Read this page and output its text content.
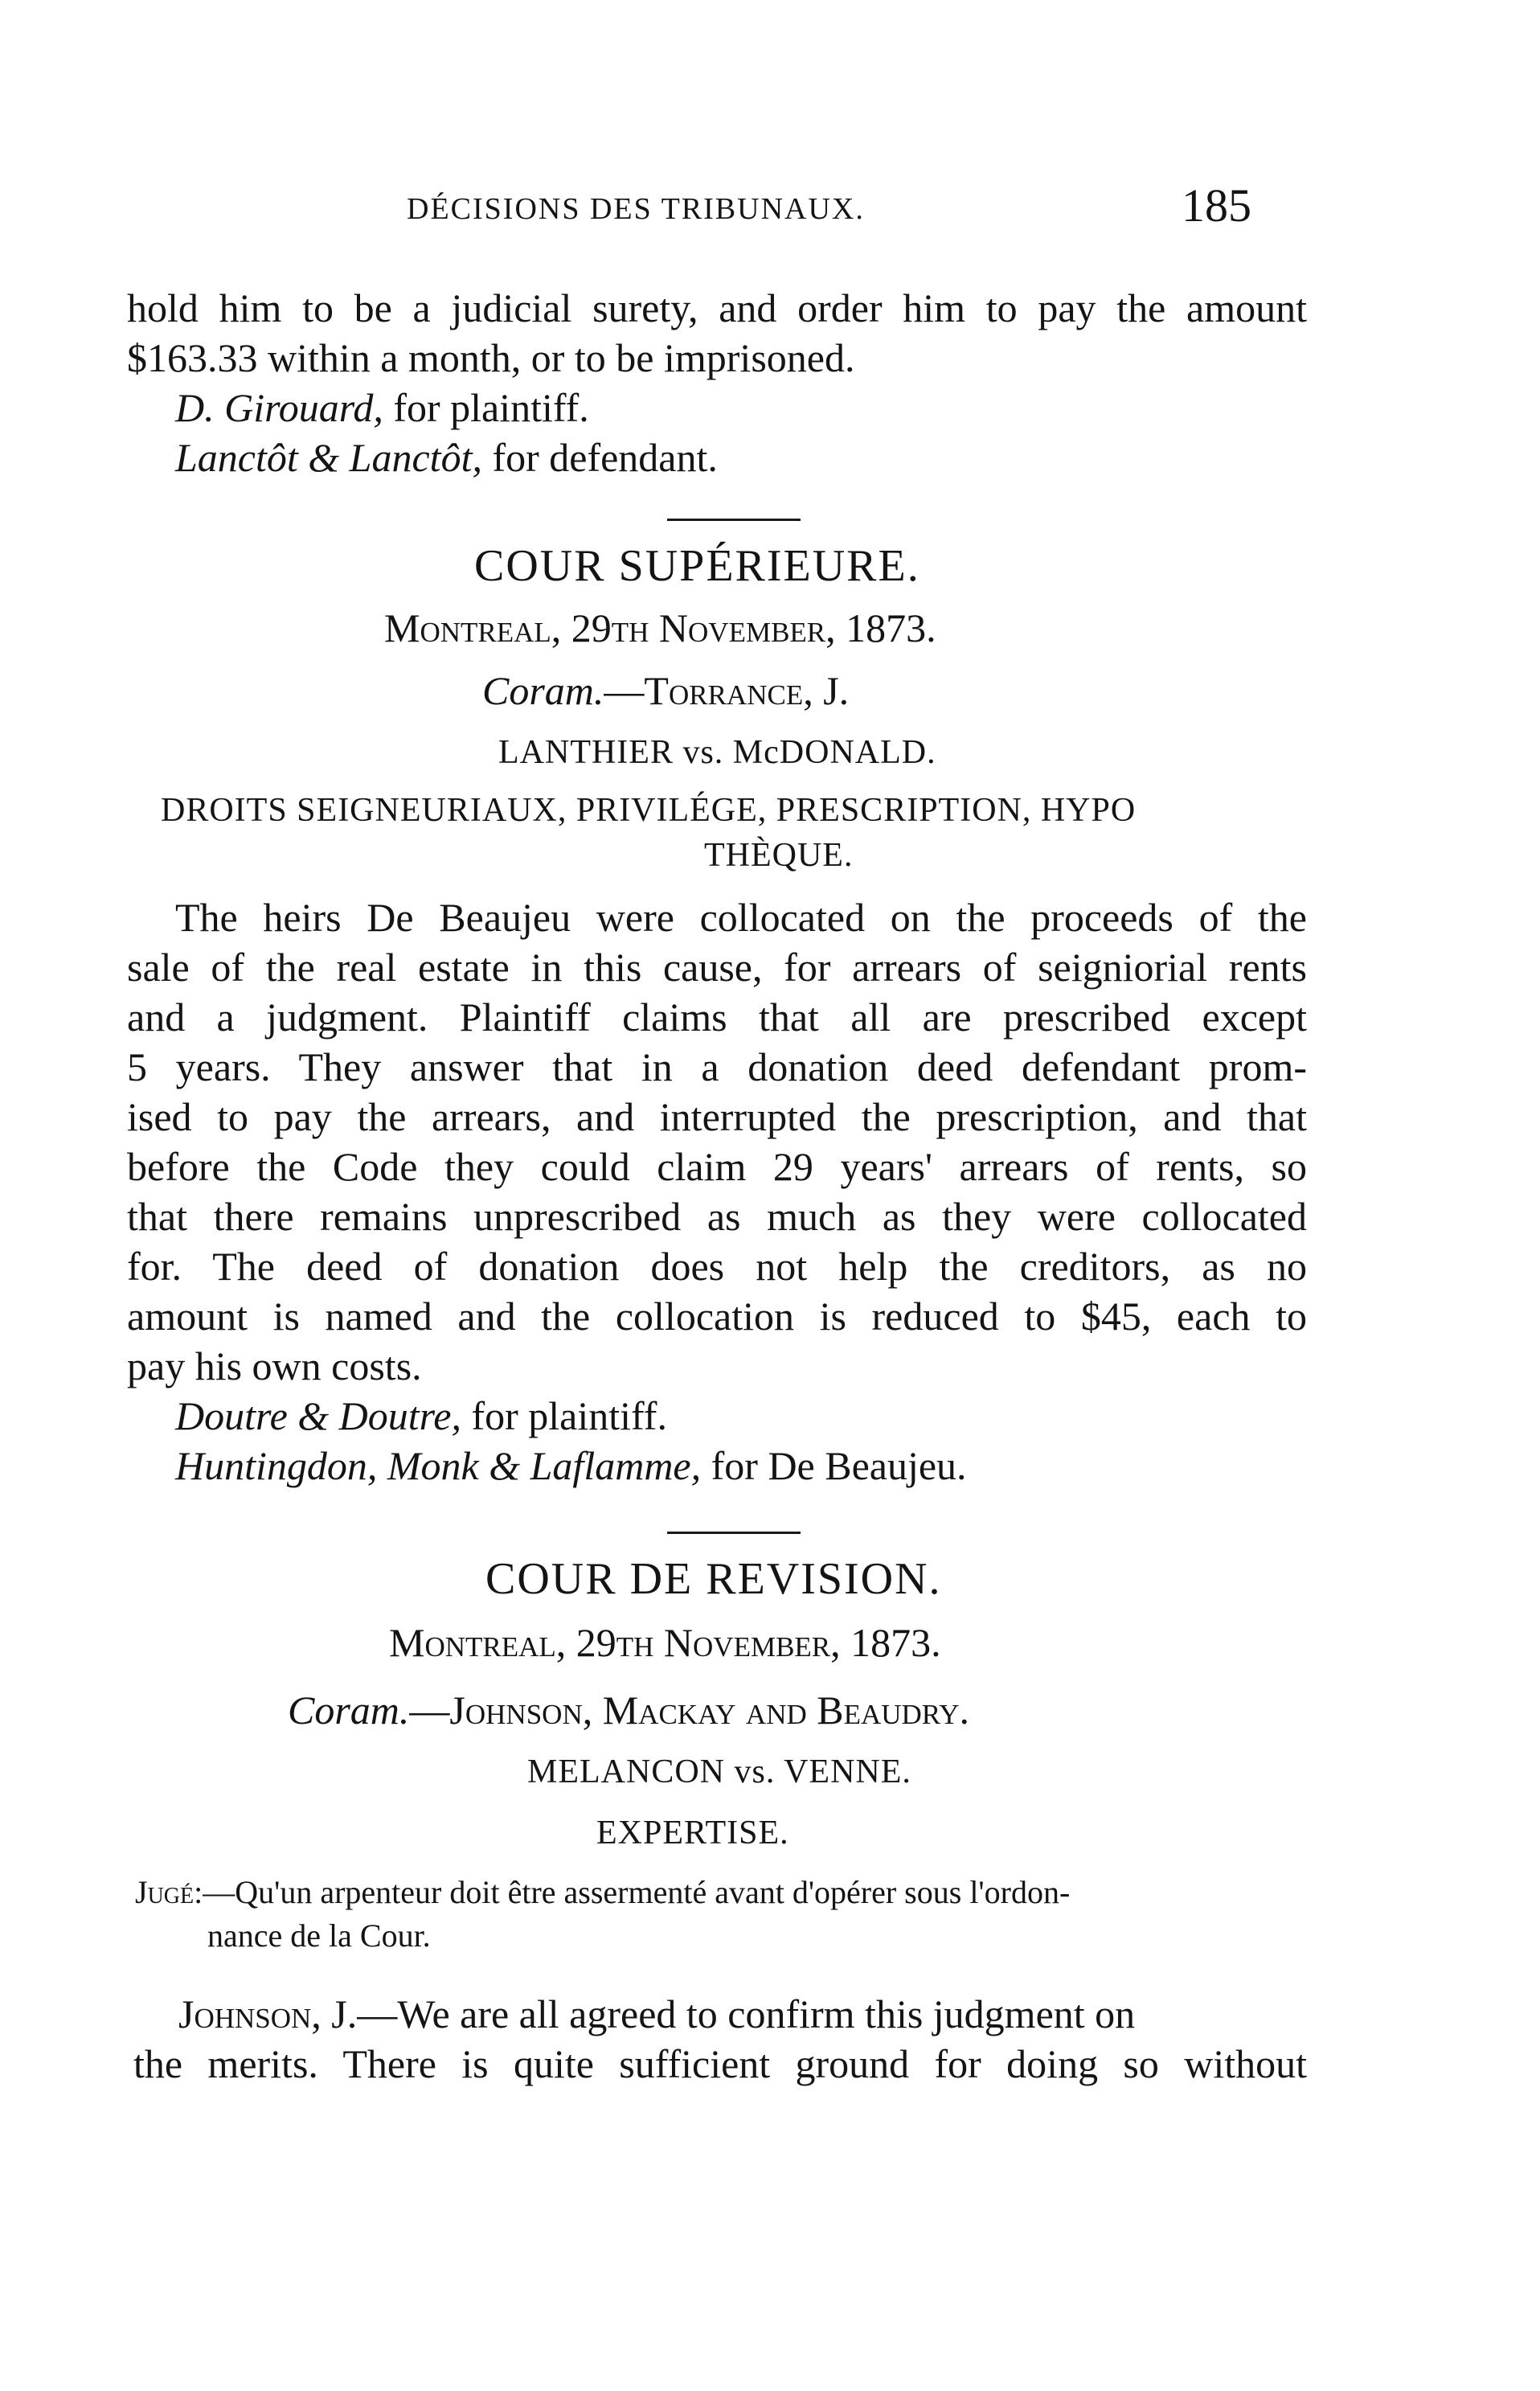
DÉCISIONS DES TRIBUNAUX.	185
hold him to be a judicial surety, and order him to pay the amount
$163.33 within a month, or to be imprisoned.
D. Girouard, for plaintiff.
Lanctôt & Lanctôt, for defendant.
COUR SUPÉRIEURE.
Montreal, 29th November, 1873.
Coram.—Torrance, J.
LANTHIER vs. McDONALD.
DROITS SEIGNEURIAUX, PRIVILÉGE, PRESCRIPTION, HYPO
THÈQUE.
The heirs De Beaujeu were collocated on the proceeds of the
sale of the real estate in this cause, for arrears of seigniorial rents
and a judgment. Plaintiff claims that all are prescribed except
5 years. They answer that in a donation deed defendant prom-
ised to pay the arrears, and interrupted the prescription, and that
before the Code they could claim 29 years' arrears of rents, so
that there remains unprescribed as much as they were collocated
for. The deed of donation does not help the creditors, as no
amount is named and the collocation is reduced to $45, each to
pay his own costs.
Doutre & Doutre, for plaintiff.
Huntingdon, Monk & Laflamme, for De Beaujeu.
COUR DE REVISION.
Montreal, 29th November, 1873.
Coram.—Johnson, Mackay and Beaudry.
MELANCON vs. VENNE.
EXPERTISE.
Jugé:—Qu'un arpenteur doit être assermenté avant d'opérer sous l'ordon-
nance de la Cour.
Johnson, J.—We are all agreed to confirm this judgment on
the merits. There is quite sufficient ground for doing so without
